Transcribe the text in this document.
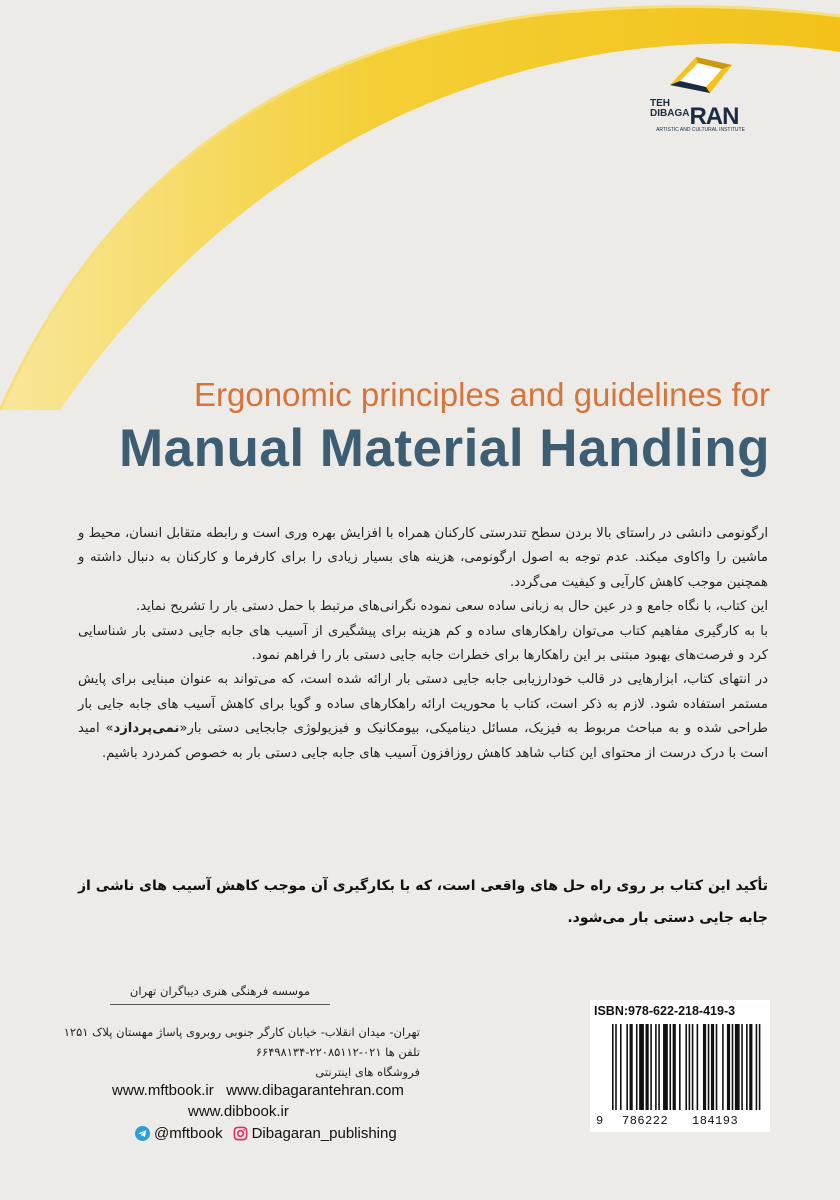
TEH
DIBAGARAN
ARTISTIC AND CULTURAL INSTITUTE
Ergonomic principles and guidelines for
Manual Material Handling

ارگونومی دانشی در راستای بالا بردن سطح تندرستی کارکنان همراه با افزایش بهره وری است و رابطه متقابل انسان، محیط و ماشین را واکاوی میکند. عدم توجه به اصول ارگونومی، هزینه های بسیار زیادی را برای کارفرما و کارکنان به دنبال داشته و همچنین موجب کاهش کارآیی و کیفیت می‌گردد.

این کتاب، با نگاه جامع و در عین حال به زبانی ساده سعی نموده نگرانی‌های مرتبط با حمل دستی بار را تشریح نماید.

با به کارگیری مفاهیم کتاب می‌توان راهکارهای ساده و کم هزینه برای پیشگیری از آسیب های جابه جایی دستی بار شناسایی کرد و فرصت‌های بهبود مبتنی بر این راهکارها برای خطرات جابه جایی دستی بار را فراهم نمود.

در انتهای کتاب، ابزارهایی در قالب خودارزیابی جابه جایی دستی بار ارائه شده است، که می‌تواند به عنوان مبنایی برای پایش مستمر استفاده شود. لازم به ذکر است، کتاب با محوریت ارائه راهکارهای ساده و گویا برای کاهش آسیب های جابه جایی بار طراحی شده و به مباحث مربوط به فیزیک، مسائل دینامیکی، بیومکانیک و فیزیولوژی جابجایی دستی بار«نمی‌پردازد» امید است با درک درست از محتوای این کتاب شاهد کاهش روزافزون آسیب های جابه جایی دستی بار به خصوص کمردرد باشیم.

تأکید این کتاب بر روی راه حل های واقعی است، که با بکارگیری آن موجب کاهش آسیب های ناشی از جابه جایی دستی بار می‌شود.
موسسه فرهنگی هنری دیباگران تهران
تهران- میدان انقلاب- خیابان کارگر جنوبی روبروی پاساژ مهستان پلاک ۱۲۵۱
تلفن ها ۰۲۱-۲۲۰۸۵۱۱۲-۶۶۴۹۸۱۳۴
فروشگاه های اینترنتی
www.mftbook.ir www.dibagarantehran.com
www.dibbook.ir
@mftbook Dibagaran_publishing
ISBN:978-622-218-419-3
9 786222 184193
